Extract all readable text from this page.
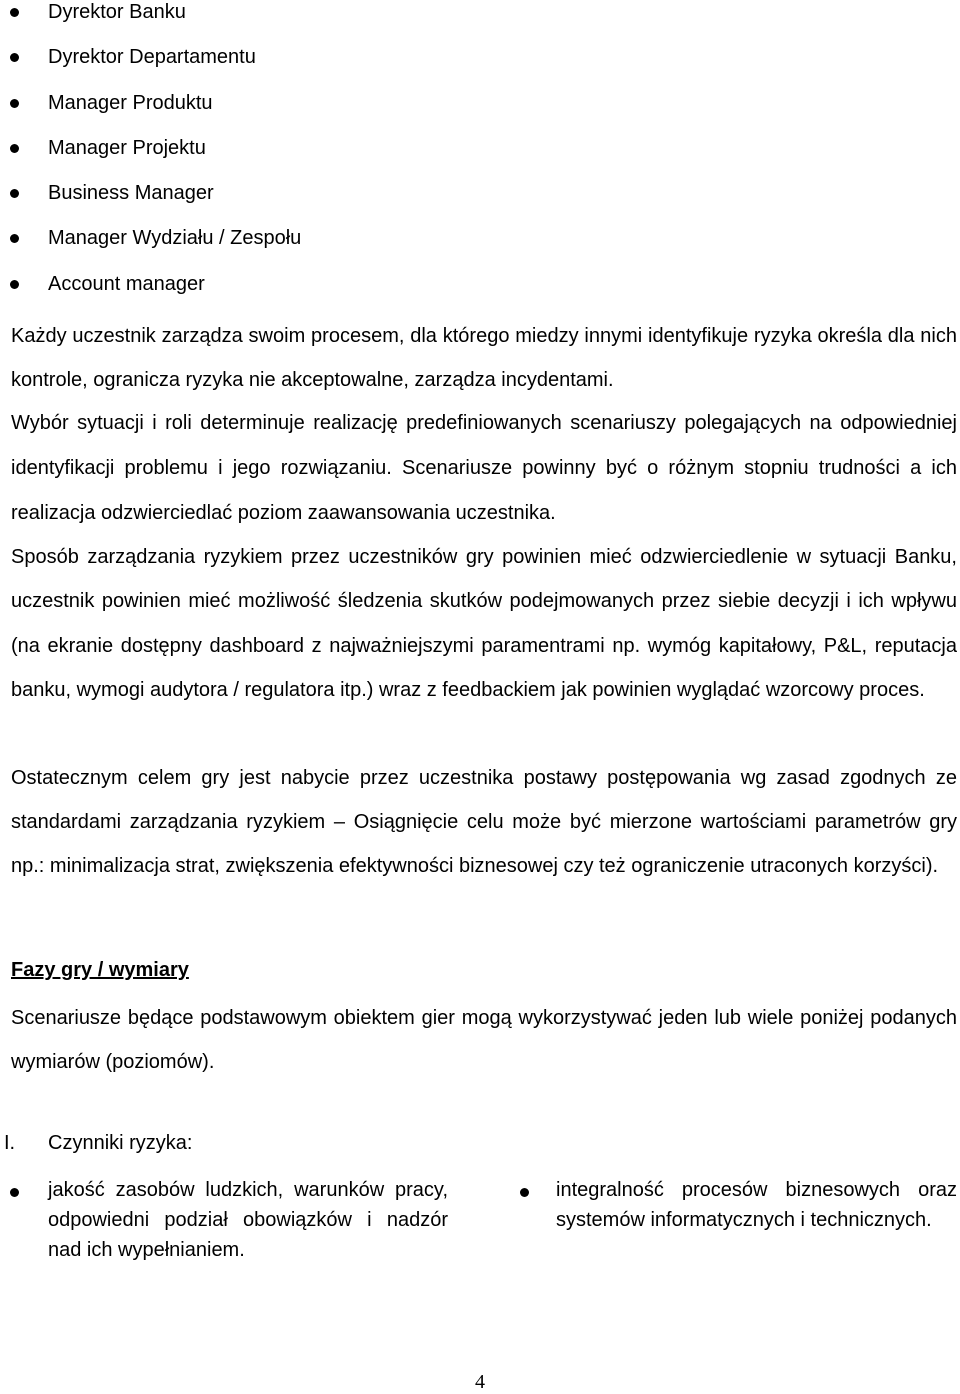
Dyrektor Banku
Dyrektor Departamentu
Manager Produktu
Manager Projektu
Business Manager
Manager Wydziału / Zespołu
Account manager

Każdy uczestnik zarządza swoim procesem, dla którego miedzy innymi identyfikuje ryzyka określa dla nich kontrole, ogranicza ryzyka nie akceptowalne, zarządza incydentami.

Wybór sytuacji i roli determinuje realizację predefiniowanych scenariuszy polegających na odpowiedniej identyfikacji problemu i jego rozwiązaniu. Scenariusze powinny być o różnym stopniu trudności a ich realizacja odzwierciedlać poziom zaawansowania uczestnika.

Sposób zarządzania ryzykiem przez uczestników gry powinien mieć odzwierciedlenie w sytuacji Banku, uczestnik powinien mieć możliwość śledzenia skutków podejmowanych przez siebie decyzji i ich wpływu (na ekranie dostępny dashboard z najważniejszymi paramentrami np. wymóg kapitałowy, P&L, reputacja banku, wymogi audytora / regulatora itp.) wraz z feedbackiem jak powinien wyglądać wzorcowy proces.

Ostatecznym celem gry jest nabycie przez uczestnika postawy postępowania wg zasad zgodnych ze standardami zarządzania ryzykiem – Osiągnięcie celu może być mierzone wartościami parametrów gry np.: minimalizacja strat, zwiększenia efektywności biznesowej czy też ograniczenie utraconych korzyści).

Fazy gry / wymiary

Scenariusze będące podstawowym obiektem gier mogą wykorzystywać jeden lub wiele poniżej podanych wymiarów (poziomów).

I. Czynniki ryzyka:
jakość zasobów ludzkich, warunków pracy, odpowiedni podział obowiązków i nadzór nad ich wypełnianiem.
integralność procesów biznesowych oraz systemów informatycznych i technicznych.
4
